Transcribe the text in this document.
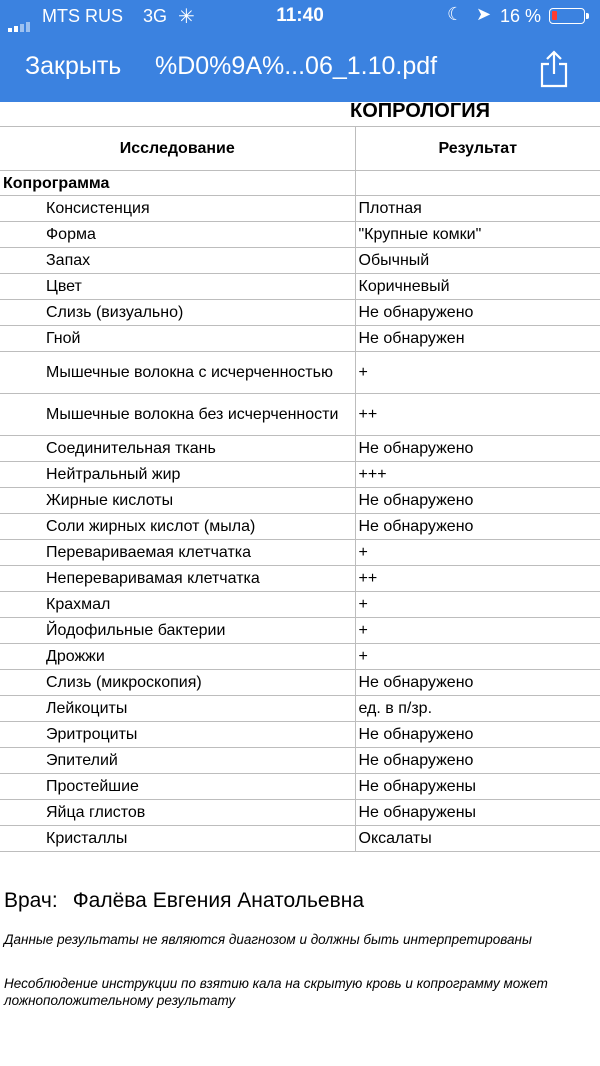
MTS RUS 3G ✳	11:40	☾ ➤ 16 %
Закрыть %D0%9A%...06_1.10.pdf
КОПРОЛОГИЯ
Исследование	Результат
Копрограмма	
Консистенция	Плотная
Форма	"Крупные комки"
Запах	Обычный
Цвет	Коричневый
Слизь (визуально)	Не обнаружено
Гной	Не обнаружен
Мышечные волокна с исчерченностью	+
Мышечные волокна без исчерченности	++
Соединительная ткань	Не обнаружено
Нейтральный жир	+++
Жирные кислоты	Не обнаружено
Соли жирных кислот (мыла)	Не обнаружено
Перевариваемая клетчатка	+
Непереваривамая клетчатка	++
Крахмал	+
Йодофильные бактерии	+
Дрожжи	+
Слизь (микроскопия)	Не обнаружено
Лейкоциты	ед. в п/зр.
Эритроциты	Не обнаружено
Эпителий	Не обнаружено
Простейшие	Не обнаружены
Яйца глистов	Не обнаружены
Кристаллы	Оксалаты
Врач: Фалёва Евгения Анатольевна
Данные результаты не являются диагнозом и должны быть интерпретированы
Несоблюдение инструкции по взятию кала на скрытую кровь и копрограмму может
ложноположительному результату
